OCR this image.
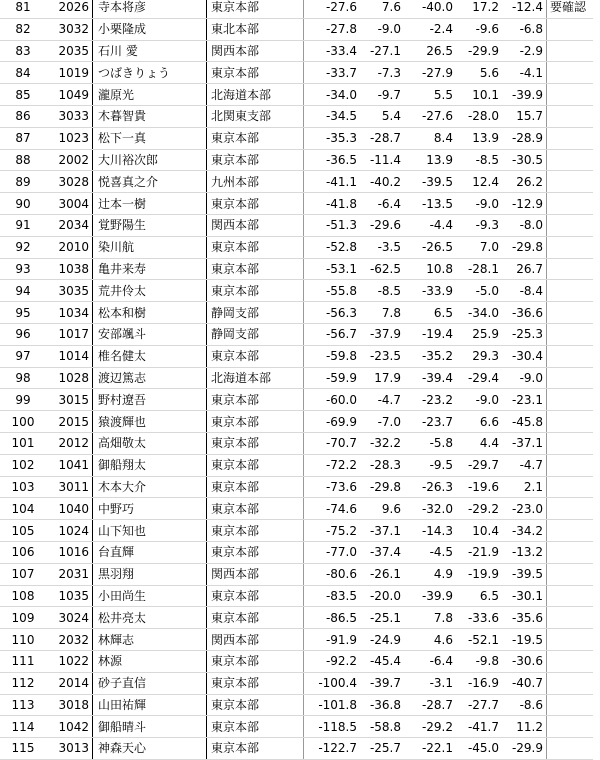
81	2026	寺本将彦	東京本部	-27.6	7.6	-40.0	17.2	-12.4	要確認
82	3032	小栗隆成	東北本部	-27.8	-9.0	-2.4	-9.6	-6.8	
83	2035	石川 愛	関西本部	-33.4	-27.1	26.5	-29.9	-2.9	
84	1019	つばきりょう	東京本部	-33.7	-7.3	-27.9	5.6	-4.1	
85	1049	瀧原光	北海道本部	-34.0	-9.7	5.5	10.1	-39.9	
86	3033	木暮智貴	北関東支部	-34.5	5.4	-27.6	-28.0	15.7	
87	1023	松下一真	東京本部	-35.3	-28.7	8.4	13.9	-28.9	
88	2002	大川裕次郎	東京本部	-36.5	-11.4	13.9	-8.5	-30.5	
89	3028	悦喜真之介	九州本部	-41.1	-40.2	-39.5	12.4	26.2	
90	3004	辻本一樹	東京本部	-41.8	-6.4	-13.5	-9.0	-12.9	
91	2034	覚野陽生	関西本部	-51.3	-29.6	-4.4	-9.3	-8.0	
92	2010	染川航	東京本部	-52.8	-3.5	-26.5	7.0	-29.8	
93	1038	亀井来寿	東京本部	-53.1	-62.5	10.8	-28.1	26.7	
94	3035	荒井伶太	東京本部	-55.8	-8.5	-33.9	-5.0	-8.4	
95	1034	松本和樹	静岡支部	-56.3	7.8	6.5	-34.0	-36.6	
96	1017	安部颯斗	静岡支部	-56.7	-37.9	-19.4	25.9	-25.3	
97	1014	椎名健太	東京本部	-59.8	-23.5	-35.2	29.3	-30.4	
98	1028	渡辺篤志	北海道本部	-59.9	17.9	-39.4	-29.4	-9.0	
99	3015	野村遼吾	東京本部	-60.0	-4.7	-23.2	-9.0	-23.1	
100	2015	猿渡輝也	東京本部	-69.9	-7.0	-23.7	6.6	-45.8	
101	2012	高畑敬太	東京本部	-70.7	-32.2	-5.8	4.4	-37.1	
102	1041	御船翔太	東京本部	-72.2	-28.3	-9.5	-29.7	-4.7	
103	3011	木本大介	東京本部	-73.6	-29.8	-26.3	-19.6	2.1	
104	1040	中野巧	東京本部	-74.6	9.6	-32.0	-29.2	-23.0	
105	1024	山下知也	東京本部	-75.2	-37.1	-14.3	10.4	-34.2	
106	1016	台直輝	東京本部	-77.0	-37.4	-4.5	-21.9	-13.2	
107	2031	黒羽翔	関西本部	-80.6	-26.1	4.9	-19.9	-39.5	
108	1035	小田尚生	東京本部	-83.5	-20.0	-39.9	6.5	-30.1	
109	3024	松井亮太	東京本部	-86.5	-25.1	7.8	-33.6	-35.6	
110	2032	林輝志	関西本部	-91.9	-24.9	4.6	-52.1	-19.5	
111	1022	林源	東京本部	-92.2	-45.4	-6.4	-9.8	-30.6	
112	2014	砂子直信	東京本部	-100.4	-39.7	-3.1	-16.9	-40.7	
113	3018	山田祐輝	東京本部	-101.8	-36.8	-28.7	-27.7	-8.6	
114	1042	御船晴斗	東京本部	-118.5	-58.8	-29.2	-41.7	11.2	
115	3013	神森天心	東京本部	-122.7	-25.7	-22.1	-45.0	-29.9	
